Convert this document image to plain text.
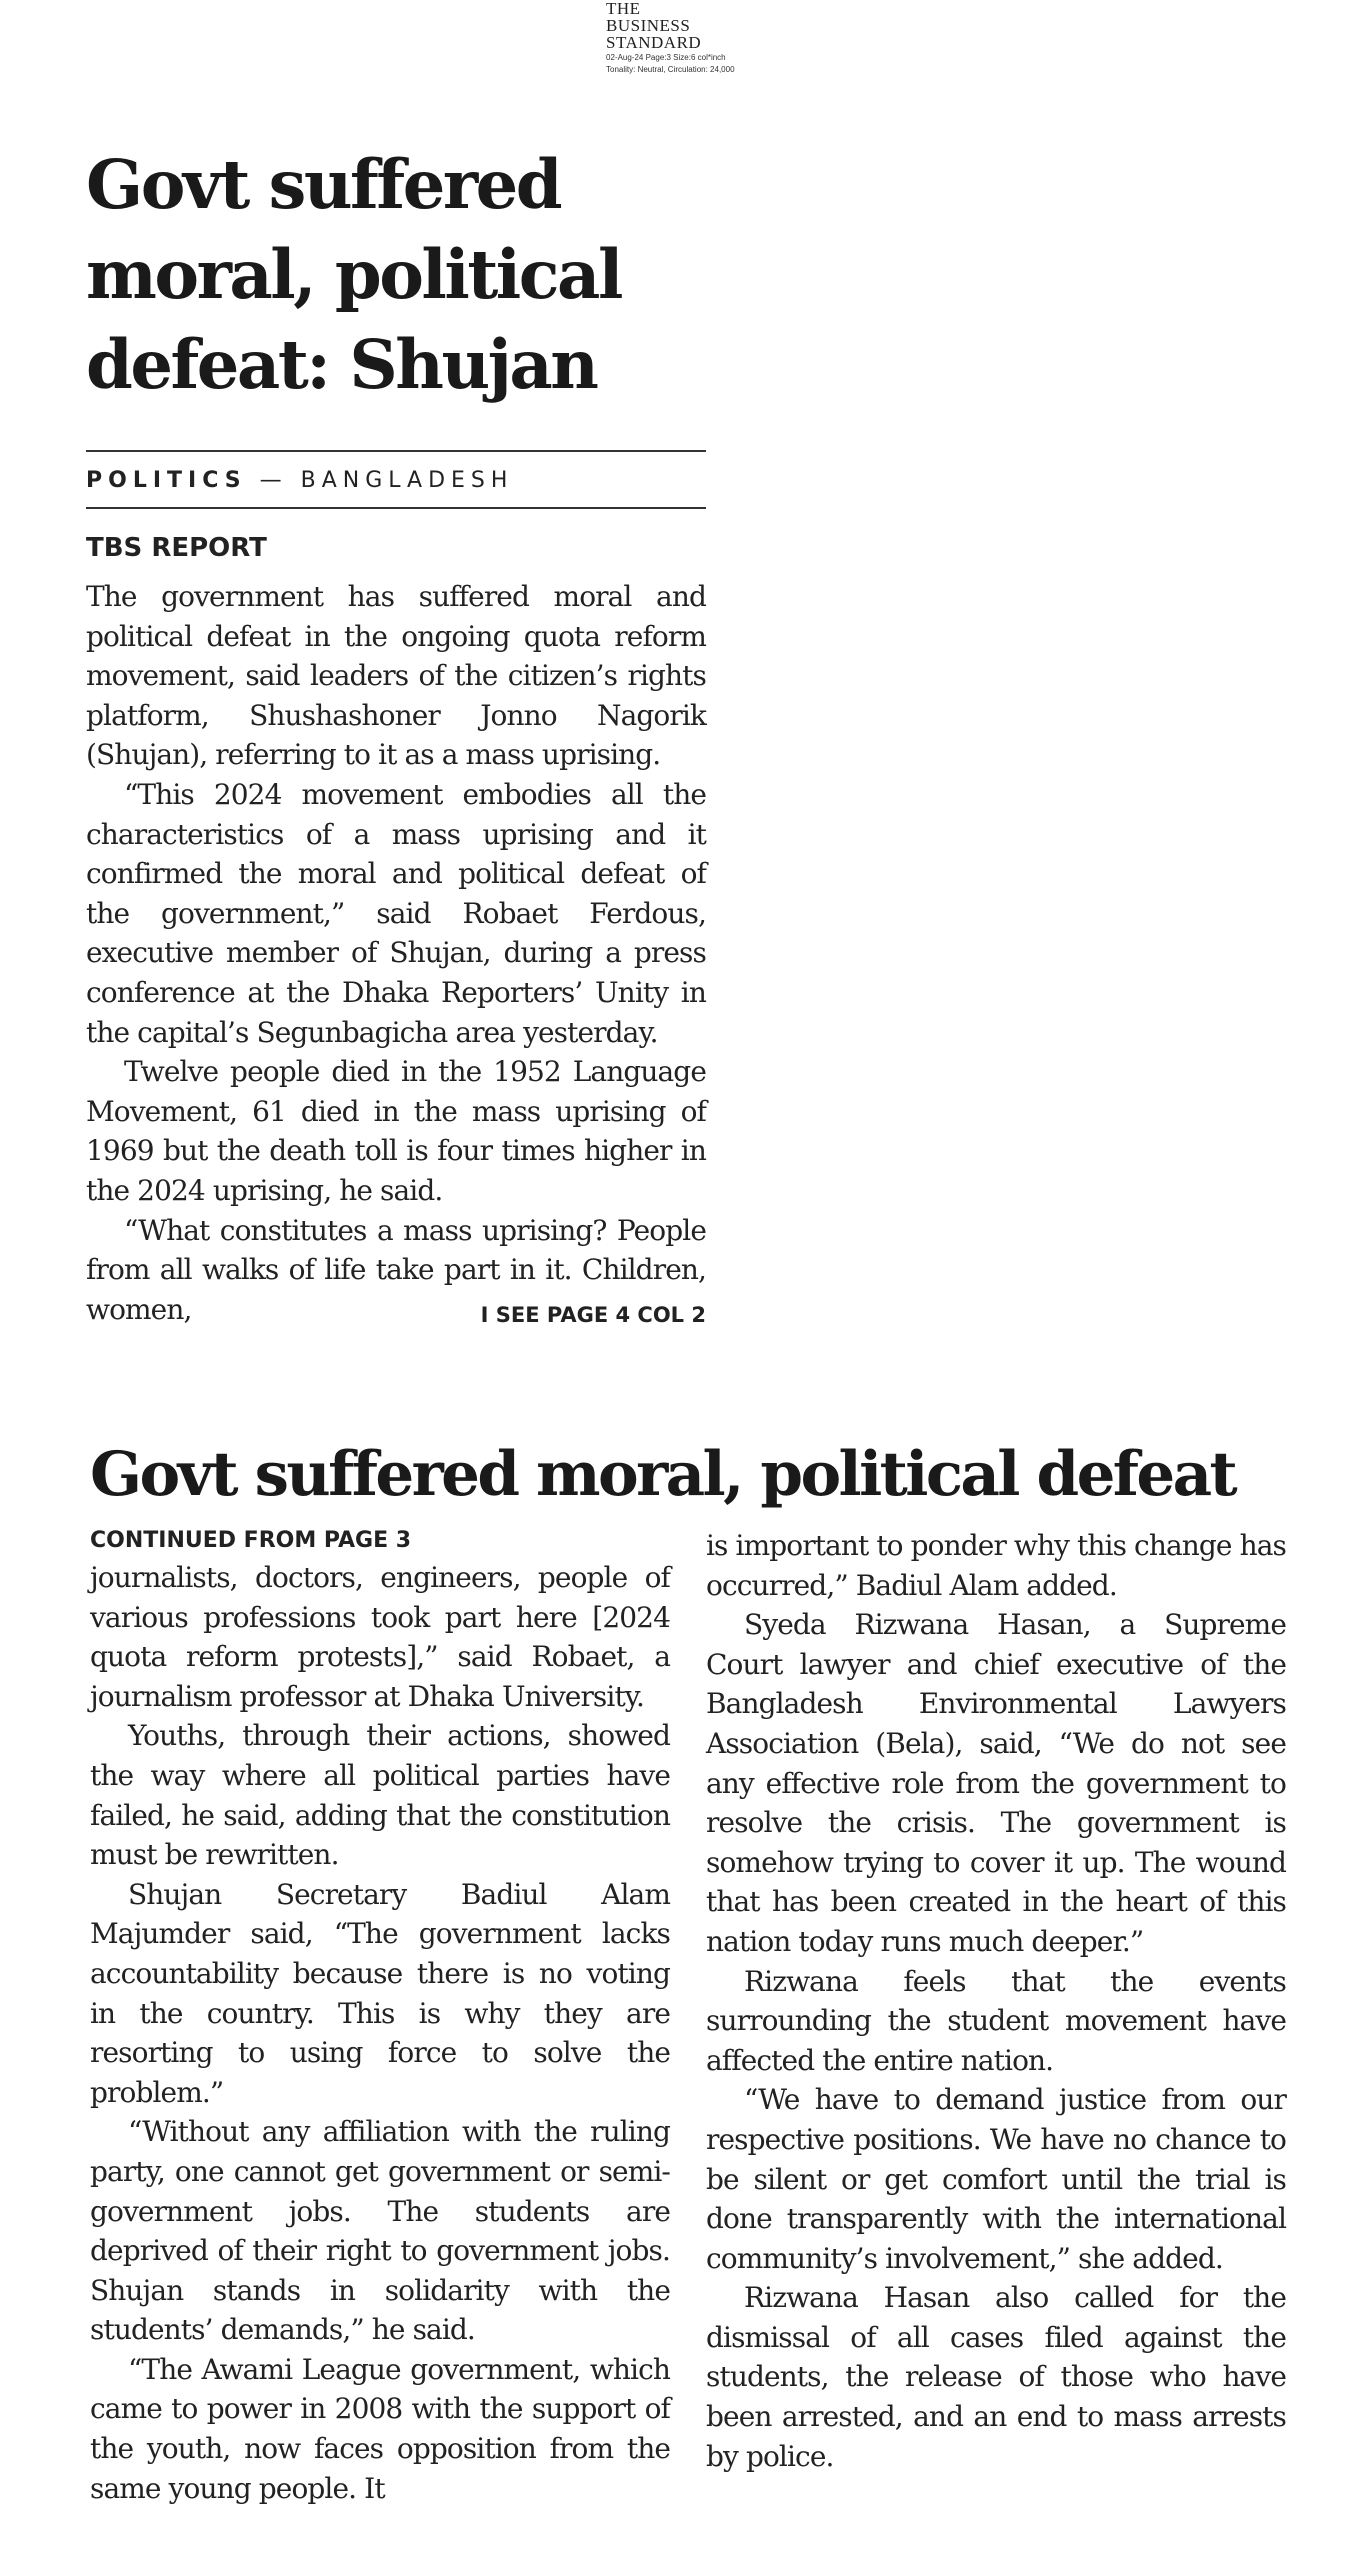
THE
BUSINESS
STANDARD
02-Aug-24 Page:3 Size:6 col*inch
Tonality: Neutral, Circulation: 24,000
Govt suffered
moral, political
defeat: Shujan
POLITICS — BANGLADESH
TBS REPORT

The government has suffered moral and political defeat in the ongoing quota reform movement, said leaders of the citizen’s rights platform, Shushashoner Jonno Nagorik (Shujan), referring to it as a mass uprising.

“This 2024 movement embodies all the characteristics of a mass uprising and it confirmed the moral and political defeat of the government,” said Robaet Ferdous, executive member of Shujan, during a press conference at the Dhaka Reporters’ Unity in the capital’s Segunbagicha area yesterday.

Twelve people died in the 1952 Language Movement, 61 died in the mass uprising of 1969 but the death toll is four times higher in the 2024 uprising, he said.

“What constitutes a mass uprising? People from all walks of life take part in it. Children, women,	I SEE PAGE 4 COL 2

Govt suffered moral, political defeat
CONTINUED FROM PAGE 3

journalists, doctors, engineers, people of various professions took part here [2024 quota reform protests],” said Robaet, a journalism professor at Dhaka University.

Youths, through their actions, showed the way where all political parties have failed, he said, adding that the constitution must be rewritten.

Shujan Secretary Badiul Alam Majumder said, “The government lacks accountability because there is no voting in the country. This is why they are resorting to using force to solve the problem.”

“Without any affiliation with the ruling party, one cannot get government or semi-government jobs. The students are deprived of their right to government jobs. Shujan stands in solidarity with the students’ demands,” he said.

“The Awami League government, which came to power in 2008 with the support of the youth, now faces opposition from the same young people. It

is important to ponder why this change has occurred,” Badiul Alam added.

Syeda Rizwana Hasan, a Supreme Court lawyer and chief executive of the Bangladesh Environmental Lawyers Association (Bela), said, “We do not see any effective role from the government to resolve the crisis. The government is somehow trying to cover it up. The wound that has been created in the heart of this nation today runs much deeper.”

Rizwana feels that the events surrounding the student movement have affected the entire nation.

“We have to demand justice from our respective positions. We have no chance to be silent or get comfort until the trial is done transparently with the international community’s involvement,” she added.

Rizwana Hasan also called for the dismissal of all cases filed against the students, the release of those who have been arrested, and an end to mass arrests by police.
